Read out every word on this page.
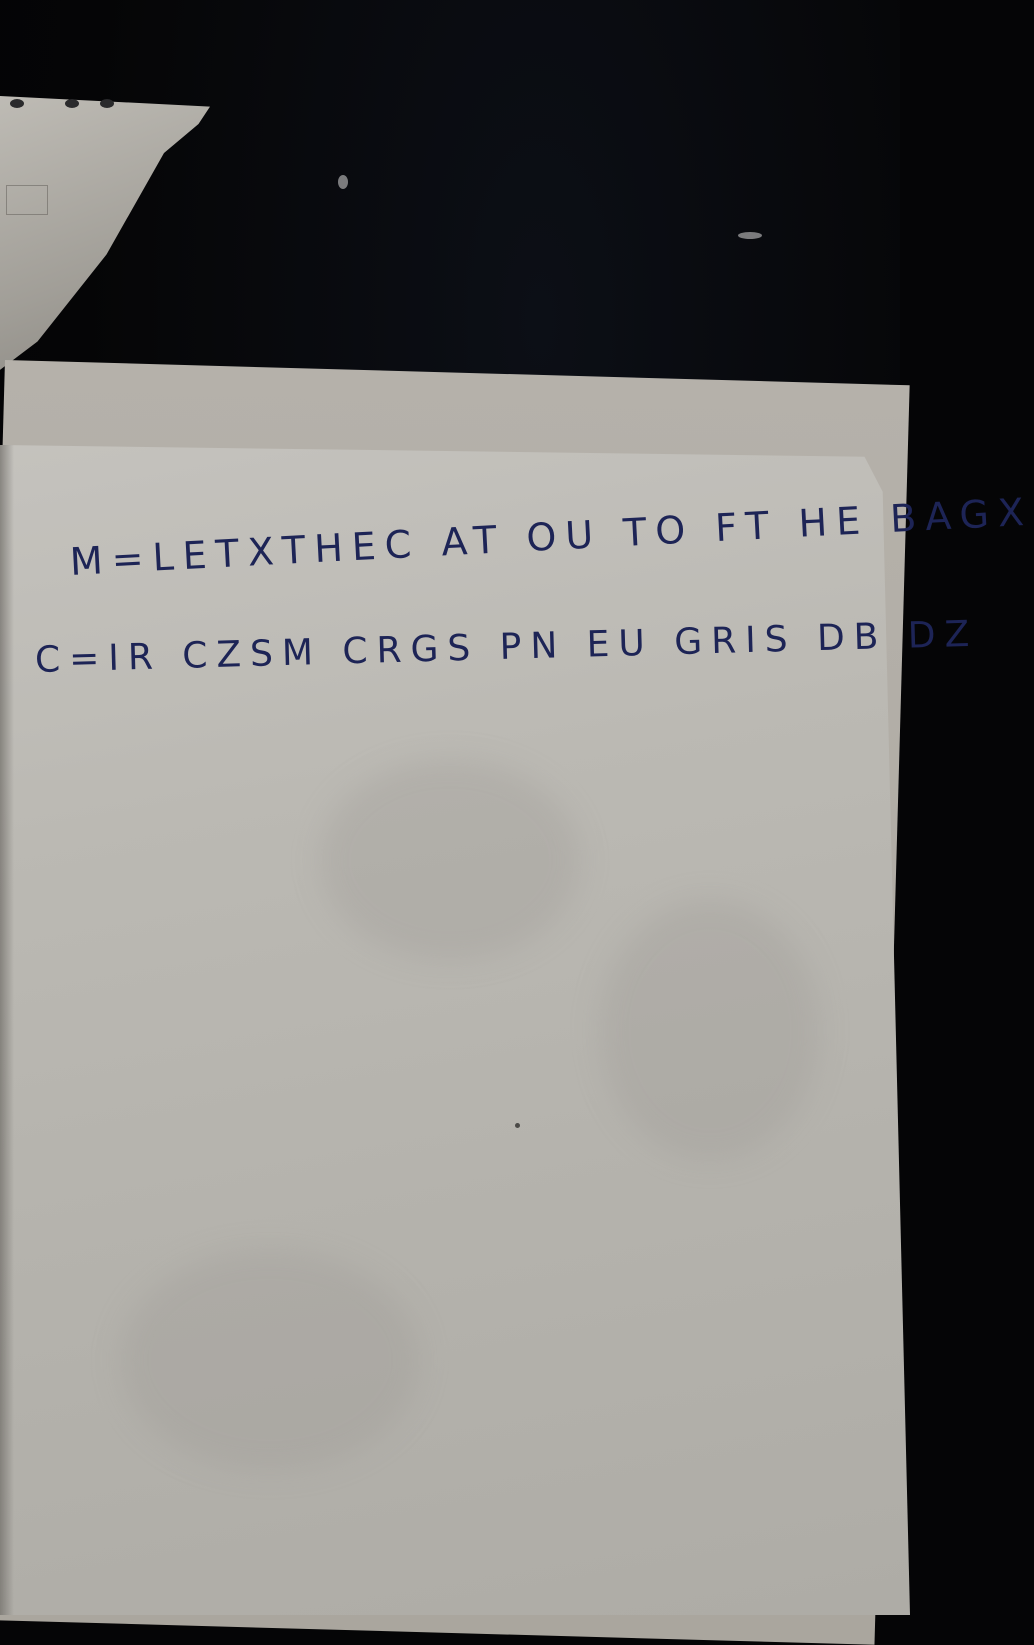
M=LETXTHEC AT OU TO FT HE BAGX
C=IR CZSM CRGS PN EU GRIS DB DZ
